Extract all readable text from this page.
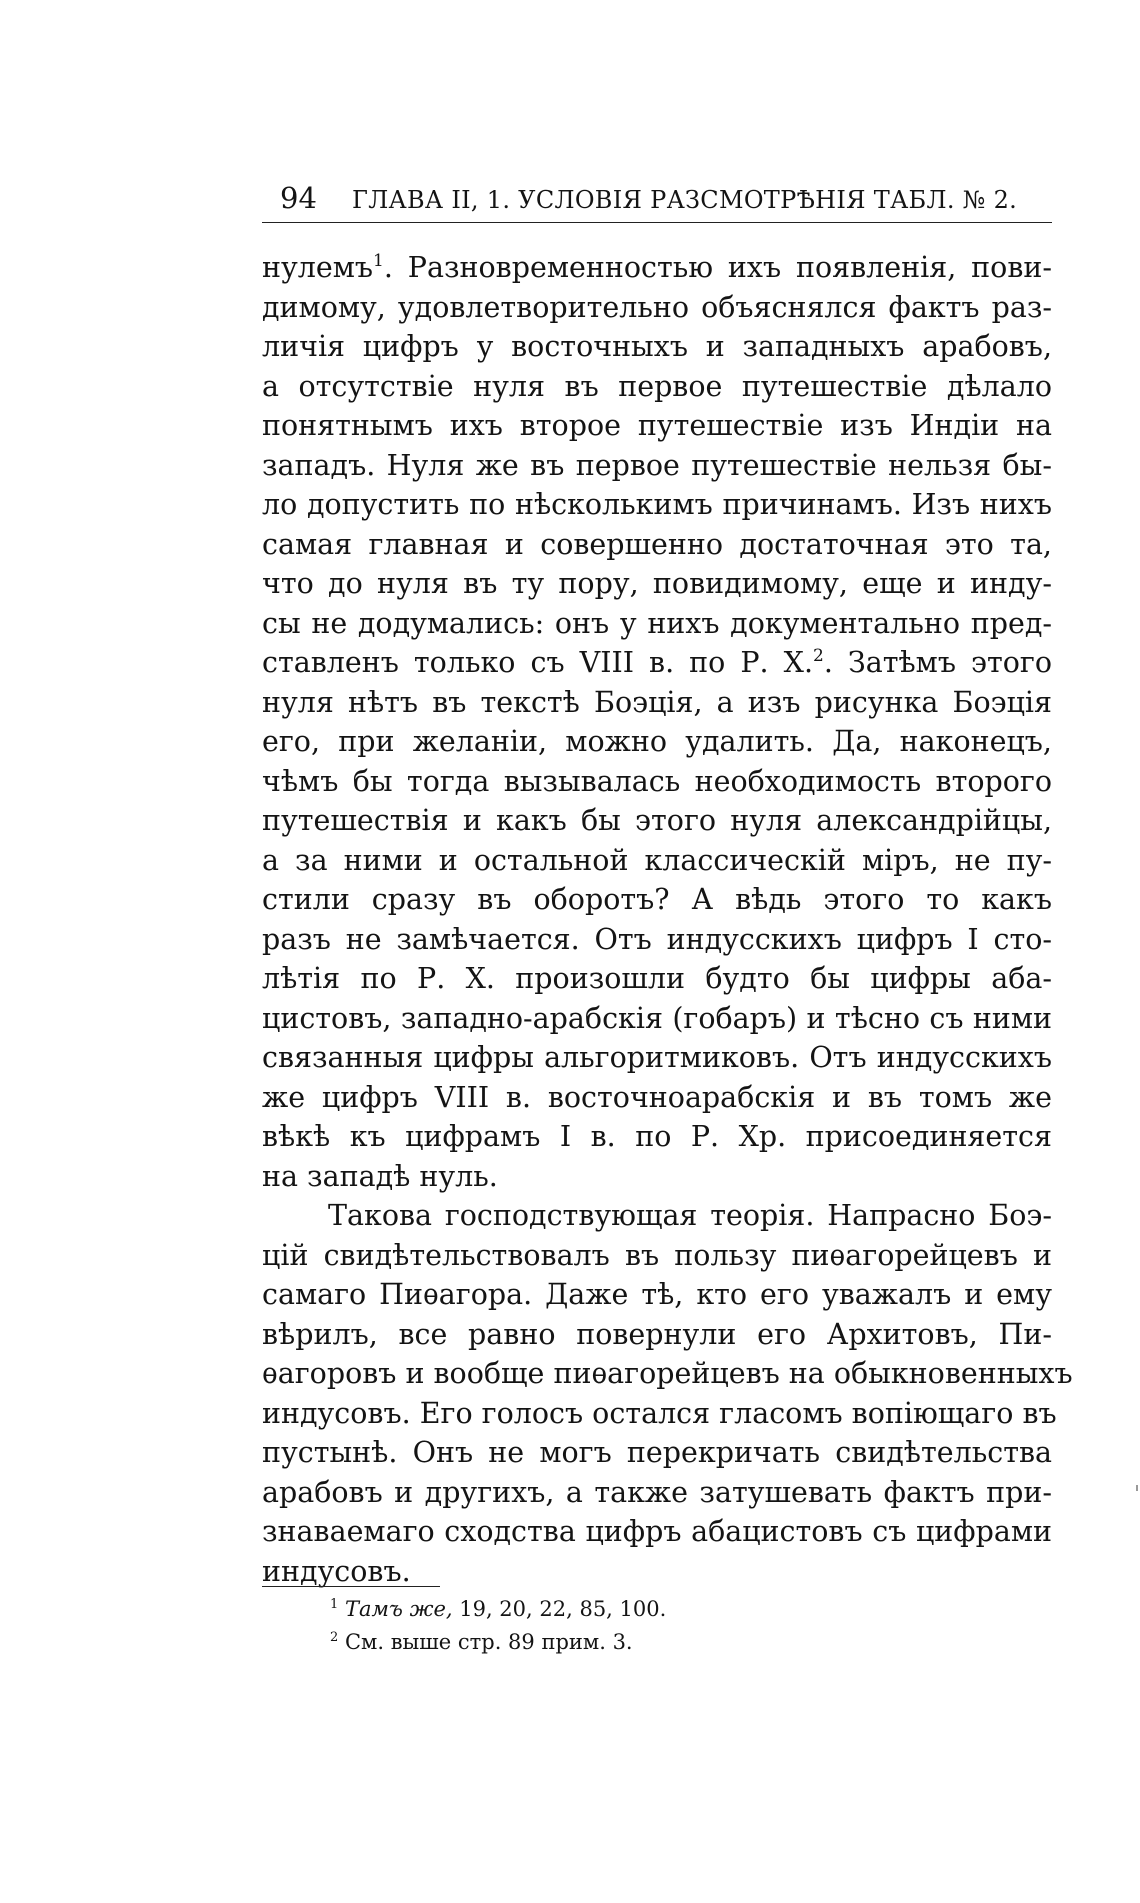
94 ГЛАВА II, 1. УСЛОВІЯ РАЗСМОТРѢНІЯ ТАБЛ. № 2.
нулемъ$^1$. Разновременностью ихъ появленія, пови-
димому, удовлетворительно объяснялся фактъ раз-
личія цифръ у восточныхъ и западныхъ арабовъ,
а отсутствіе нуля въ первое путешествіе дѣлало
понятнымъ ихъ второе путешествіе изъ Индіи на
западъ. Нуля же въ первое путешествіе нельзя бы-
ло допустить по нѣсколькимъ причинамъ. Изъ нихъ
самая главная и совершенно достаточная это та,
что до нуля въ ту пору, повидимому, еще и инду-
сы не додумались: онъ у нихъ документально пред-
ставленъ только съ VIII в. по Р. X.$^2$. Затѣмъ этого
нуля нѣтъ въ текстѣ Боэція, а изъ рисунка Боэція
его, при желаніи, можно удалить. Да, наконецъ,
чѣмъ бы тогда вызывалась необходимость второго
путешествія и какъ бы этого нуля александрійцы,
а за ними и остальной классическій міръ, не пу-
стили сразу въ оборотъ? А вѣдь этого то какъ
разъ не замѣчается. Отъ индусскихъ цифръ I сто-
лѣтія по Р. X. произошли будто бы цифры аба-
цистовъ, западно-арабскія (гобаръ) и тѣсно съ ними
связанныя цифры альгоритмиковъ. Отъ индусскихъ
же цифръ VIII в. восточноарабскія и въ томъ же
вѣкѣ къ цифрамъ I в. по Р. Хр. присоединяется
на западѣ нуль.
Такова господствующая теорія. Напрасно Боэ-
цій свидѣтельствовалъ въ пользу пиѳагорейцевъ и
самаго Пиѳагора. Даже тѣ, кто его уважалъ и ему
вѣрилъ, все равно повернули его Архитовъ, Пи-
ѳагоровъ и вообще пиѳагорейцевъ на обыкновенныхъ
индусовъ. Его голосъ остался гласомъ вопіющаго въ
пустынѣ. Онъ не могъ перекричать свидѣтельства
арабовъ и другихъ, а также затушевать фактъ при-
знаваемаго сходства цифръ абацистовъ съ цифрами
индусовъ.
$^1$ Тамъ же, 19, 20, 22, 85, 100.
$^2$ См. выше стр. 89 прим. 3.
